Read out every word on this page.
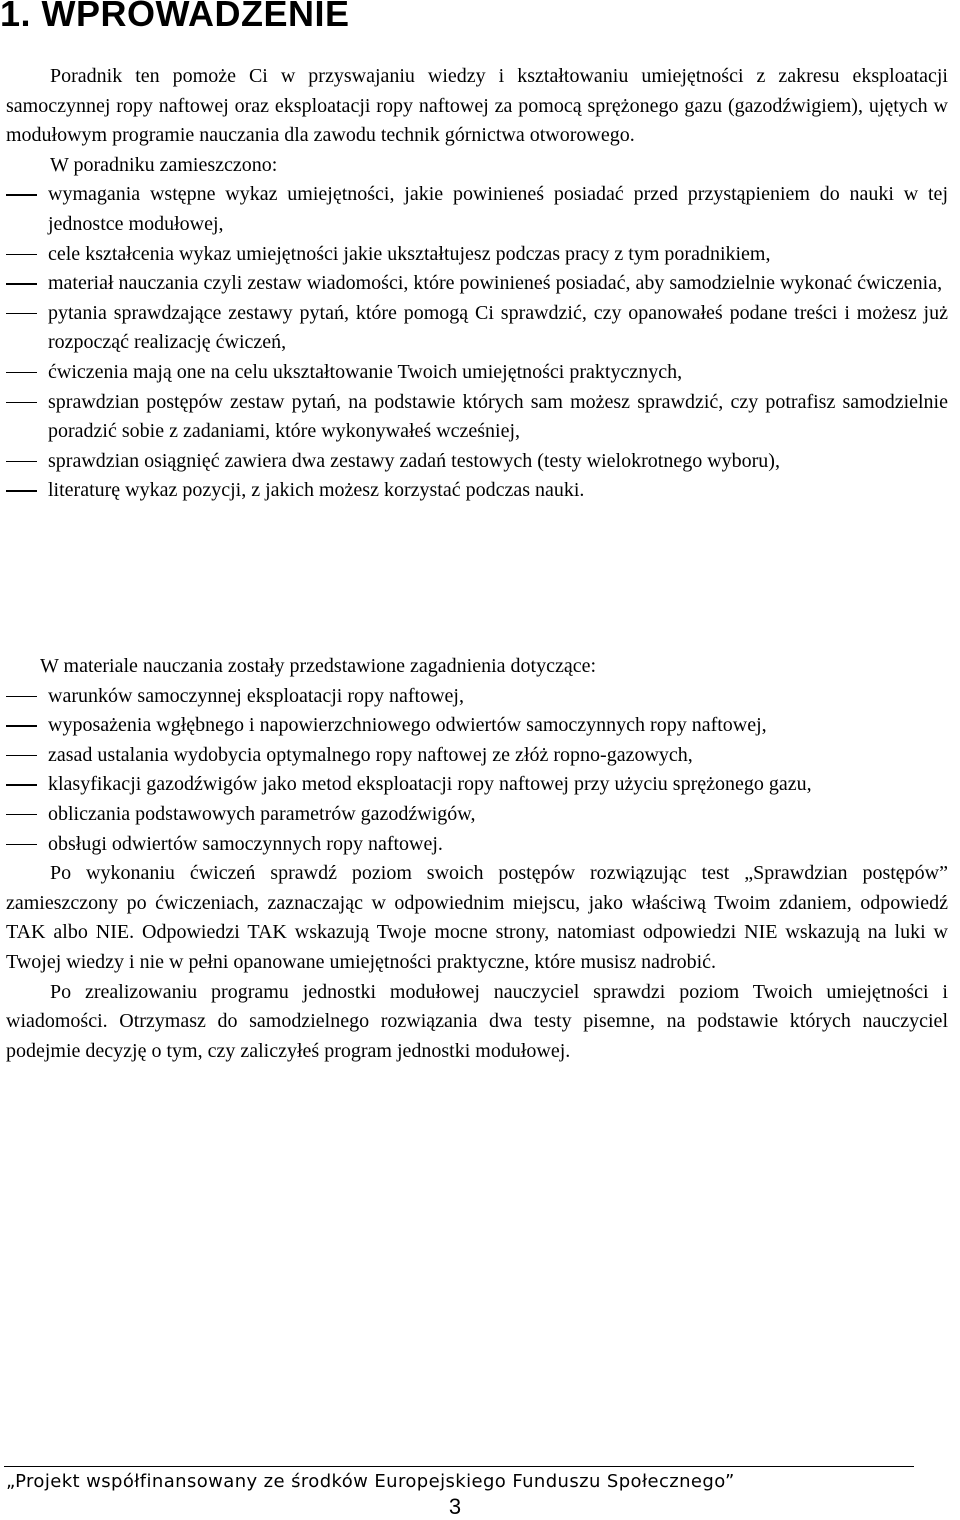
1. WPROWADZENIE

Poradnik ten pomoże Ci w przyswajaniu wiedzy i kształtowaniu umiejętności z zakresu eksploatacji samoczynnej ropy naftowej oraz eksploatacji ropy naftowej za pomocą sprężonego gazu (gazodźwigiem), ujętych w modułowym programie nauczania dla zawodu technik górnictwa otworowego.

W poradniku zamieszczono:

wymagania wstępne wykaz umiejętności, jakie powinieneś posiadać przed przystąpieniem do nauki w tej jednostce modułowej,
cele kształcenia wykaz umiejętności jakie ukształtujesz podczas pracy z tym poradnikiem,
materiał nauczania czyli zestaw wiadomości, które powinieneś posiadać, aby samodzielnie wykonać ćwiczenia,
pytania sprawdzające zestawy pytań, które pomogą Ci sprawdzić, czy opanowałeś podane treści i możesz już rozpocząć realizację ćwiczeń,
ćwiczenia mają one na celu ukształtowanie Twoich umiejętności praktycznych,
sprawdzian postępów zestaw pytań, na podstawie których sam możesz sprawdzić, czy potrafisz samodzielnie poradzić sobie z zadaniami, które wykonywałeś wcześniej,
sprawdzian osiągnięć zawiera dwa zestawy zadań testowych (testy wielokrotnego wyboru),
literaturę wykaz pozycji, z jakich możesz korzystać podczas nauki.

W materiale nauczania zostały przedstawione zagadnienia dotyczące:

warunków samoczynnej eksploatacji ropy naftowej,
wyposażenia wgłębnego i napowierzchniowego odwiertów samoczynnych ropy naftowej,
zasad ustalania wydobycia optymalnego ropy naftowej ze złóż ropno-gazowych,
klasyfikacji gazodźwigów jako metod eksploatacji ropy naftowej przy użyciu sprężonego gazu,
obliczania podstawowych parametrów gazodźwigów,
obsługi odwiertów samoczynnych ropy naftowej.

Po wykonaniu ćwiczeń sprawdź poziom swoich postępów rozwiązując test „Sprawdzian postępów” zamieszczony po ćwiczeniach, zaznaczając w odpowiednim miejscu, jako właściwą Twoim zdaniem, odpowiedź TAK albo NIE. Odpowiedzi TAK wskazują Twoje mocne strony, natomiast odpowiedzi NIE wskazują na luki w Twojej wiedzy i nie w pełni opanowane umiejętności praktyczne, które musisz nadrobić.

Po zrealizowaniu programu jednostki modułowej nauczyciel sprawdzi poziom Twoich umiejętności i wiadomości. Otrzymasz do samodzielnego rozwiązania dwa testy pisemne, na podstawie których nauczyciel podejmie decyzję o tym, czy zaliczyłeś program jednostki modułowej.

„Projekt współfinansowany ze środków Europejskiego Funduszu Społecznego”
3
